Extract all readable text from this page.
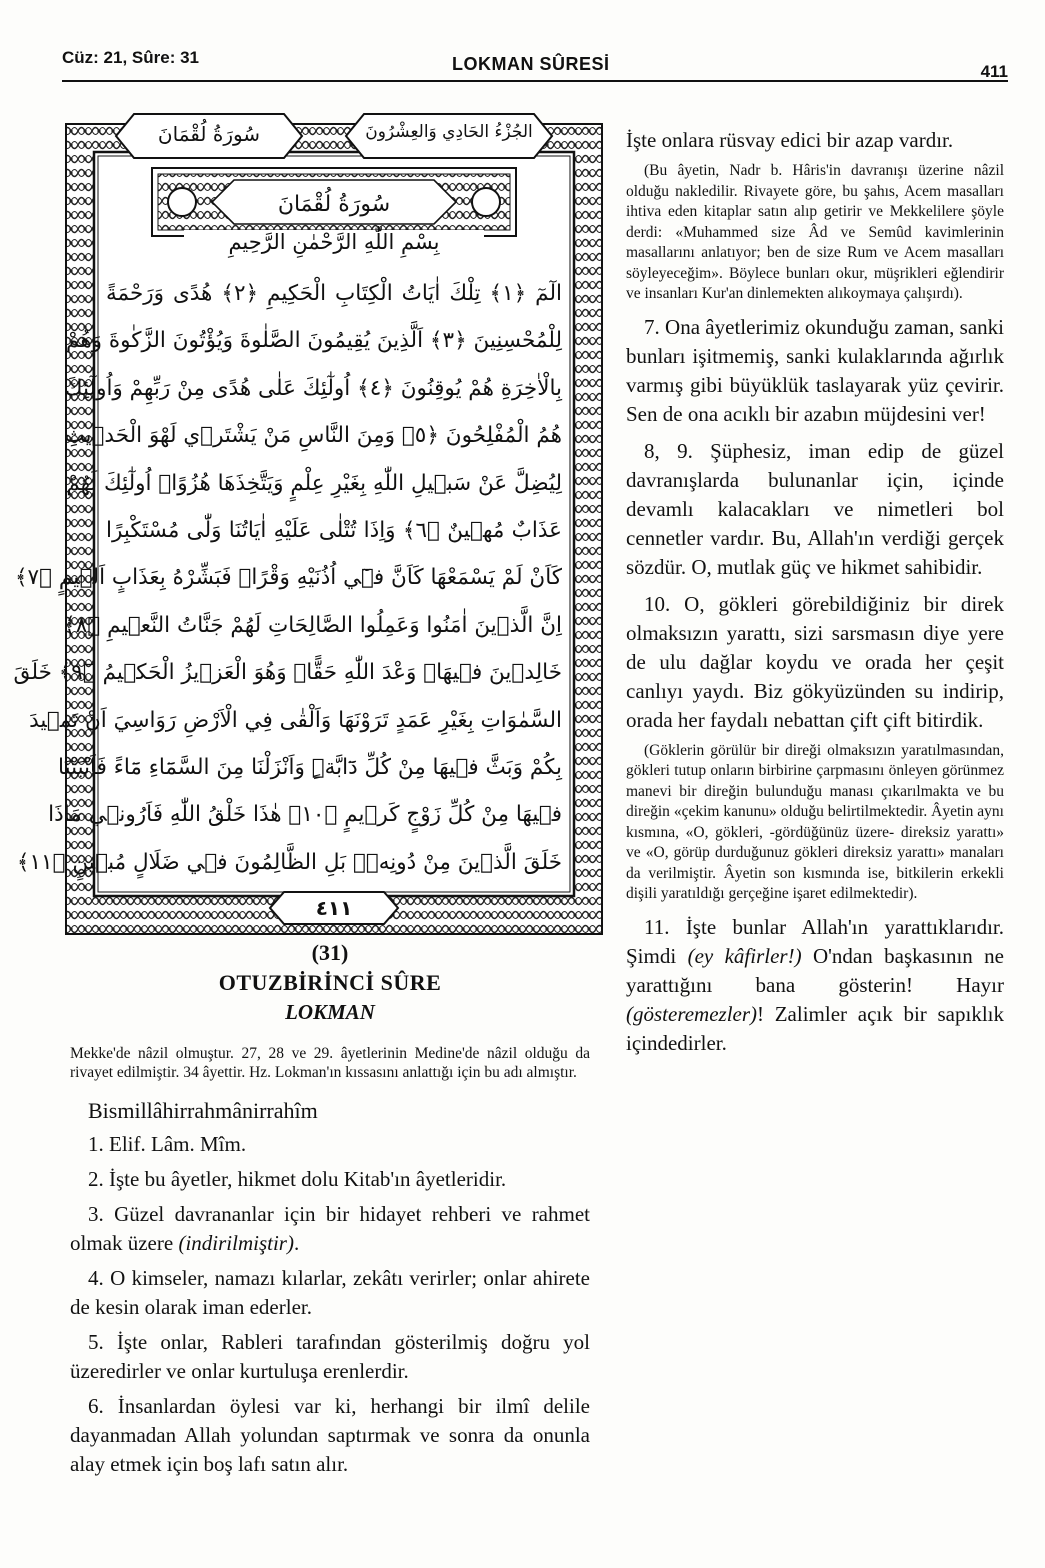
Cüz: 21, Sûre: 31	LOKMAN SÛRESİ	411
سُورَةُ لُقْمَانَ	الجُزْءُ الحَادِي وَالعِشْرُونَ
سُورَةُ لُقْمَانَ
بِسْمِ اللّٰهِ الرَّحْمٰنِ الرَّحِيمِ
الٓمٓ ﴿١﴾ تِلْكَ اٰيَاتُ الْكِتَابِ الْحَكِيمِ ﴿٢﴾ هُدًى وَرَحْمَةً
لِلْمُحْسِنِينَ ﴿٣﴾ اَلَّذِينَ يُقِيمُونَ الصَّلٰوةَ وَيُؤْتُونَ الزَّكٰوةَ وَهُمْ
بِالْاٰخِرَةِ هُمْ يُوقِنُونَ ﴿٤﴾ اُولٰٓئِكَ عَلٰى هُدًى مِنْ رَبِّهِمْ وَاُولٰٓئِكَ
هُمُ الْمُفْلِحُونَ ﴿٥﴾ وَمِنَ النَّاسِ مَنْ يَشْتَر۪ي لَهْوَ الْحَد۪يثِ
لِيُضِلَّ عَنْ سَب۪يلِ اللّٰهِ بِغَيْرِ عِلْمٍ وَيَتَّخِذَهَا هُزُوًاۜ اُولٰٓئِكَ لَهُمْ
عَذَابٌ مُه۪ينٌ ﴿٦﴾ وَاِذَا تُتْلٰى عَلَيْهِ اٰيَاتُنَا وَلّٰى مُسْتَكْبِرًا
كَاَنْ لَمْ يَسْمَعْهَا كَاَنَّ ف۪ٓي اُذُنَيْهِ وَقْرًاۚ فَبَشِّرْهُ بِعَذَابٍ اَل۪يمٍ ﴿٧﴾
اِنَّ الَّذ۪ينَ اٰمَنُوا وَعَمِلُوا الصَّالِحَاتِ لَهُمْ جَنَّاتُ النَّع۪يمِ ﴿٨﴾
خَالِد۪ينَ ف۪يهَاۜ وَعْدَ اللّٰهِ حَقًّاۜ وَهُوَ الْعَز۪يزُ الْحَك۪يمُ ﴿٩﴾ خَلَقَ
السَّمٰوَاتِ بِغَيْرِ عَمَدٍ تَرَوْنَهَا وَاَلْقٰى فِي الْاَرْضِ رَوَاسِيَ اَنْ تَم۪يدَ
بِكُمْ وَبَثَّ ف۪يهَا مِنْ كُلِّ دَٓابَّةٍۜ وَاَنْزَلْنَا مِنَ السَّمَٓاءِ مَٓاءً فَاَنْبَتْنَا
ف۪يهَا مِنْ كُلِّ زَوْجٍ كَر۪يمٍ ﴿١٠﴾ هٰذَا خَلْقُ اللّٰهِ فَاَرُون۪ي مَاذَا
خَلَقَ الَّذ۪ينَ مِنْ دُونِه۪ۜ بَلِ الظَّالِمُونَ ف۪ي ضَلَالٍ مُب۪ينٍ ﴿١١﴾
٤١١
(31)
OTUZBİRİNCİ SÛRE
LOKMAN
Mekke'de nâzil olmuştur. 27, 28 ve 29. âyetlerinin Medine'de nâzil olduğu da rivayet edilmiştir. 34 âyettir. Hz. Lokman'ın kıssasını anlattığı için bu adı almıştır.
Bismillâhirrahmânirrahîm

1. Elif. Lâm. Mîm.

2. İşte bu âyetler, hikmet dolu Kitab'ın âyetleridir.

3. Güzel davrananlar için bir hidayet rehberi ve rahmet olmak üzere (indirilmiştir).

4. O kimseler, namazı kılarlar, zekâtı verirler; onlar ahirete de kesin olarak iman ederler.

5. İşte onlar, Rableri tarafından gösterilmiş doğru yol üzeredirler ve onlar kurtuluşa erenlerdir.

6. İnsanlardan öylesi var ki, herhangi bir ilmî delile dayanmadan Allah yolundan saptırmak ve sonra da onunla alay etmek için boş lafı satın alır.

İşte onlara rüsvay edici bir azap vardır.

(Bu âyetin, Nadr b. Hâris'in davranışı üzerine nâzil olduğu nakledilir. Rivayete göre, bu şahıs, Acem masalları ihtiva eden kitaplar satın alıp getirir ve Mekkelilere şöyle derdi: «Muhammed size Âd ve Semûd kavimlerinin masallarını anlatıyor; ben de size Rum ve Acem masalları söyleyeceğim». Böylece bunları okur, müşrikleri eğlendirir ve insanları Kur'an dinlemekten alıkoymaya çalışırdı).

7. Ona âyetlerimiz okunduğu zaman, sanki bunları işitmemiş, sanki kulaklarında ağırlık varmış gibi büyüklük taslayarak yüz çevirir. Sen de ona acıklı bir azabın müjdesini ver!

8, 9. Şüphesiz, iman edip de güzel davranışlarda bulunanlar için, içinde devamlı kalacakları ve nimetleri bol cennetler vardır. Bu, Allah'ın verdiği gerçek sözdür. O, mutlak güç ve hikmet sahibidir.

10. O, gökleri görebildiğiniz bir direk olmaksızın yarattı, sizi sarsmasın diye yere de ulu dağlar koydu ve orada her çeşit canlıyı yaydı. Biz gökyüzünden su indirip, orada her faydalı nebattan çift çift bitirdik.

(Göklerin görülür bir direği olmaksızın yaratılmasından, gökleri tutup onların birbirine çarpmasını önleyen görünmez manevi bir direğin bulunduğu manası çıkarılmakta ve bu direğin «çekim kanunu» olduğu belirtilmektedir. Âyetin aynı kısmına, «O, gökleri, -gördüğünüz üzere- direksiz yarattı» ve «O, görüp durduğunuz gökleri direksiz yarattı» manaları da verilmiştir. Âyetin son kısmında ise, bitkilerin erkekli dişili yaratıldığı gerçeğine işaret edilmektedir).

11. İşte bunlar Allah'ın yarattıklarıdır. Şimdi (ey kâfirler!) O'ndan başkasının ne yarattığını bana gösterin! Hayır (gösteremezler)! Zalimler açık bir sapıklık içindedirler.
